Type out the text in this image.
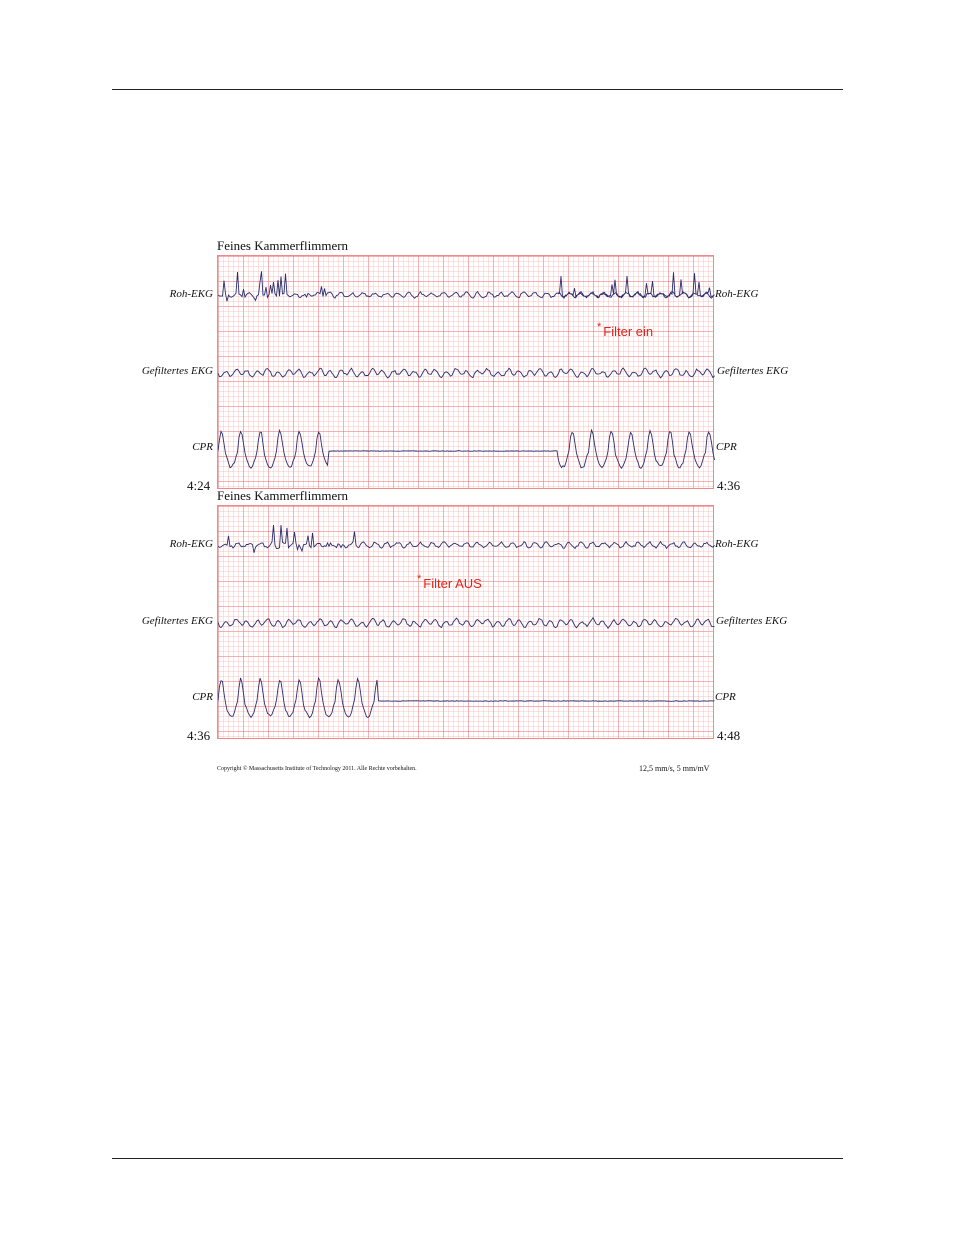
Feines Kammerflimmern
Roh-EKG
Gefiltertes EKG
CPR
Roh-EKG
Gefiltertes EKG
CPR
4:24	4:36
* Filter ein
Feines Kammerflimmern
Roh-EKG
Gefiltertes EKG
CPR
Roh-EKG
Gefiltertes EKG
CPR
4:36	4:48
* Filter AUS
Copyright © Massachusetts Institute of Technology 2011. Alle Rechte vorbehalten.	12,5 mm/s, 5 mm/mV
